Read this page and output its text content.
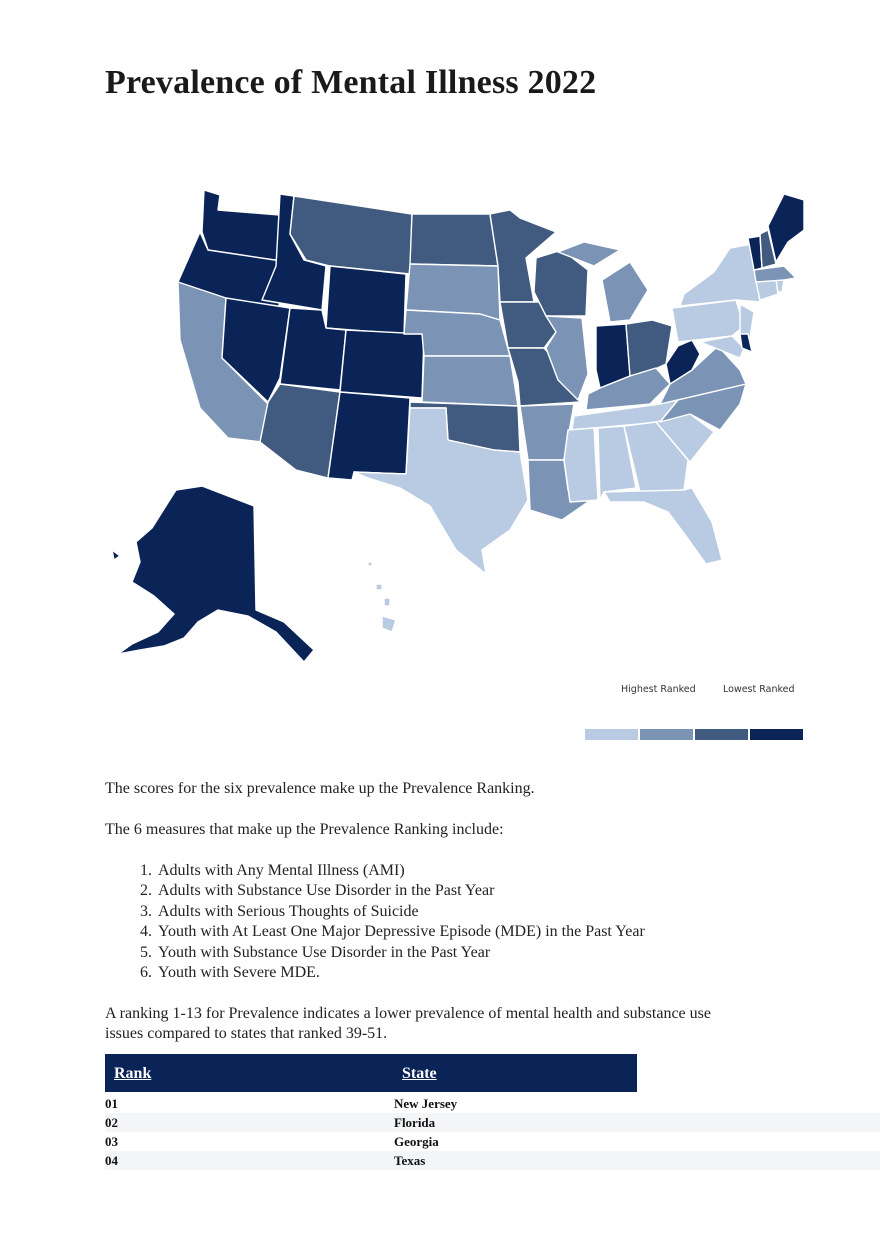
Prevalence of Mental Illness 2022
Highest Ranked	Lowest Ranked

The scores for the six prevalence make up the Prevalence Ranking.

The 6 measures that make up the Prevalence Ranking include:

1. Adults with Any Mental Illness (AMI)
2. Adults with Substance Use Disorder in the Past Year
3. Adults with Serious Thoughts of Suicide
4. Youth with At Least One Major Depressive Episode (MDE) in the Past Year
5. Youth with Substance Use Disorder in the Past Year
6. Youth with Severe MDE.

A ranking 1-13 for Prevalence indicates a lower prevalence of mental health and substance use

issues compared to states that ranked 39-51.

Rank	State
01	New Jersey
02	Florida
03	Georgia
04	Texas
